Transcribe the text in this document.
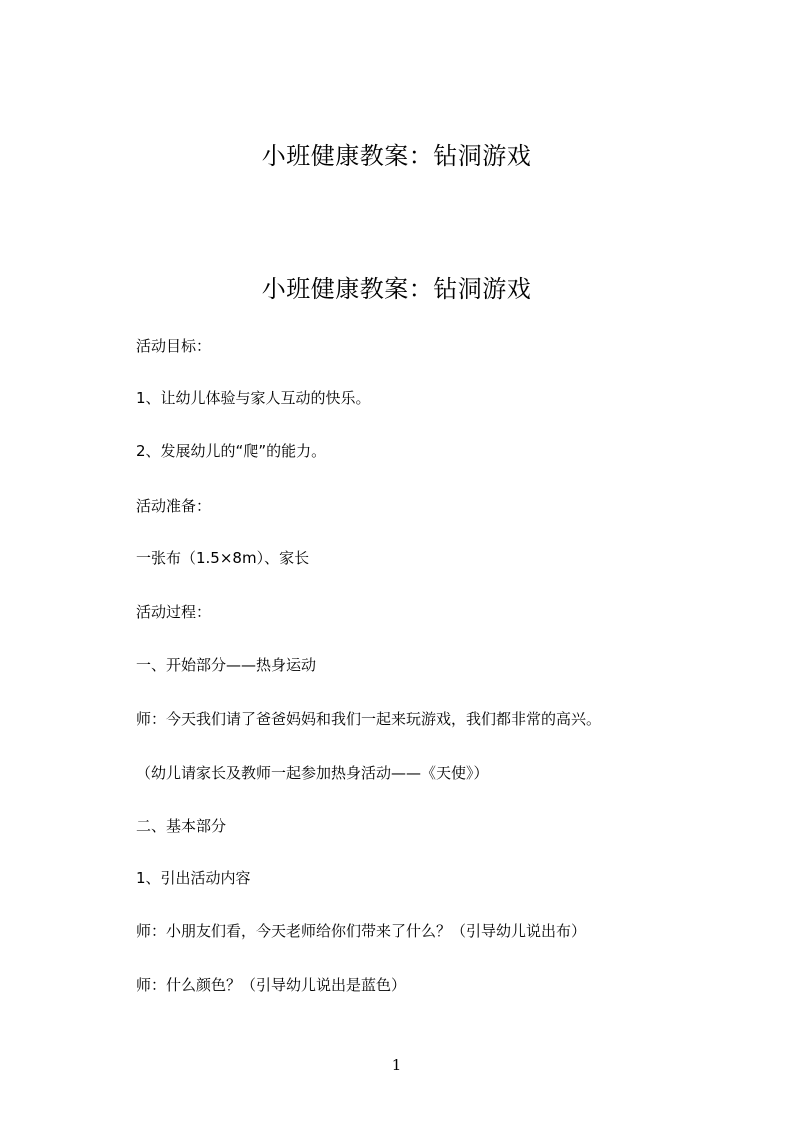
小班健康教案：钻洞游戏
小班健康教案：钻洞游戏
活动目标：
1、让幼儿体验与家人互动的快乐。
2、发展幼儿的“爬”的能力。
活动准备：
一张布（1.5×8m）、家长
活动过程：
一、开始部分——热身运动
师：今天我们请了爸爸妈妈和我们一起来玩游戏，我们都非常的高兴。
（幼儿请家长及教师一起参加热身活动——《天使》）
二、基本部分
1、引出活动内容
师：小朋友们看，今天老师给你们带来了什么？（引导幼儿说出布）
师：什么颜色？（引导幼儿说出是蓝色）
1
